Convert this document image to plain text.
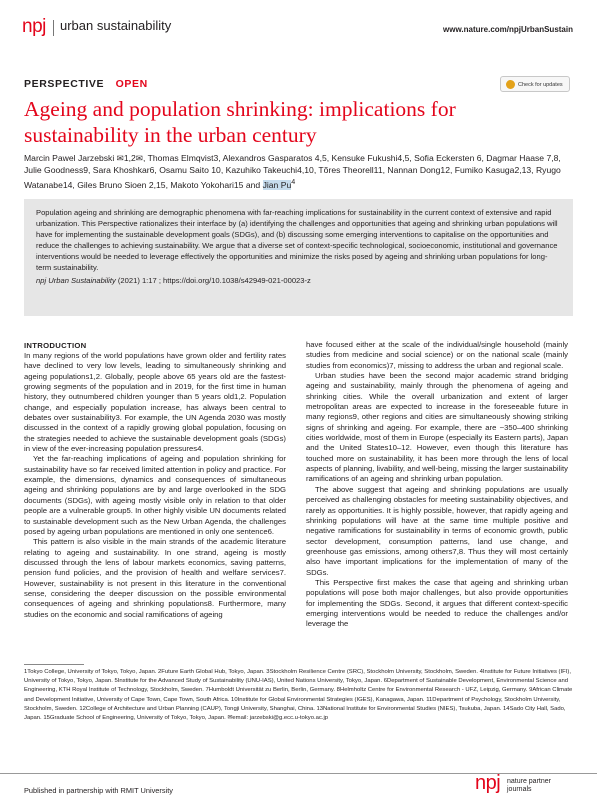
npj urban sustainability	www.nature.com/npjUrbanSustain
PERSPECTIVE OPEN	Check for updates
Ageing and population shrinking: implications for sustainability in the urban century
Marcin Pawel Jarzebski ✉1,2✉, Thomas Elmqvist3, Alexandros Gasparatos 4,5, Kensuke Fukushi4,5, Sofia Eckersten 6, Dagmar Haase 7,8, Julie Goodness9, Sara Khoshkar6, Osamu Saito 10, Kazuhiko Takeuchi4,10, Tõres Theorell11, Nannan Dong12, Fumiko Kasuga2,13, Ryugo Watanabe14, Giles Bruno Sioen 2,15, Makoto Yokohari15 and Jian Pu$^4$

Population ageing and shrinking are demographic phenomena with far-reaching implications for sustainability in the current context of extensive and rapid urbanization. This Perspective rationalizes their interface by (a) identifying the challenges and opportunities that ageing and shrinking urban populations will have for implementing the sustainable development goals (SDGs), and (b) discussing some emerging interventions to capitalise on the opportunities and reduce the challenges to achieving sustainability. We argue that a diverse set of context-specific technological, socioeconomic, institutional and governance interventions would be needed to leverage effectively the opportunities and minimize the risks posed by ageing and shrinking urban populations for long-term sustainability.

npj Urban Sustainability (2021) 1:17 ; https://doi.org/10.1038/s42949-021-00023-z
INTRODUCTION

In many regions of the world populations have grown older and fertility rates have declined to very low levels, leading to simultaneously shrinking and ageing populations1,2. Globally, people above 65 years old are the fastest-growing segments of the population and in 2019, for the first time in human history, they outnumbered children younger than 5 years old1,2. Population change, and especially population increase, has always been central to debates over sustainability3. For example, the UN Agenda 2030 was mostly discussed in the context of a rapidly growing global population, focusing on the strategies needed to achieve the sustainable development goals (SDGs) in view of the ever-increasing population pressures4.

Yet the far-reaching implications of ageing and population shrinking for sustainability have so far received limited attention in policy and practice. For example, the dimensions, dynamics and consequences of simultaneous ageing and shrinking populations are by and large overlooked in the SDG documents (SDGs), with ageing mostly visible only in relation to that older people are a vulnerable group5. In other highly visible UN documents related to sustainable development such as the New Urban Agenda, the challenges posed by ageing urban populations are mentioned in only one sentence6.

This pattern is also visible in the main strands of the academic literature relating to ageing and sustainability. In one strand, ageing is mostly discussed through the lens of labour markets economics, saving patterns, pension fund policies, and the provision of health and welfare services7. However, sustainability is not present in this literature in the conventional sense, considering the deeper discussion on the possible environmental consequences of ageing and shrinking populations8. Furthermore, many studies on the economic and social ramifications of ageing

have focused either at the scale of the individual/single household (mainly studies from medicine and social science) or on the national scale (mainly studies from economics)7, missing to address the urban and regional scale.

Urban studies have been the second major academic strand bridging ageing and sustainability, mainly through the phenomena of ageing and shrinking cities. While the overall urbanization and extent of larger metropolitan areas are expected to increase in the foreseeable future in many regions9, other regions and cities are simultaneously showing striking signs of shrinking and ageing. For example, there are ~350–400 shrinking cities worldwide, most of them in Europe (especially its Eastern parts), Japan and the United States10–12. However, even though this literature has touched more on sustainability, it has been more through the lens of local aspects of planning, livability, and well-being, missing the larger sustainability ramifications of an ageing and shrinking urban population.

The above suggest that ageing and shrinking populations are usually perceived as challenging obstacles for meeting sustainability objectives, and rarely as opportunities. It is highly possible, however, that rapidly ageing and shrinking populations will have at the same time multiple positive and negative ramifications for sustainability in terms of economic growth, public sector development, consumption patterns, land use change, and greenhouse gas emissions, among others7,8. Thus they will most certainly also have important implications for the implementation of many of the SDGs.

This Perspective first makes the case that ageing and shrinking urban populations will pose both major challenges, but also provide opportunities for implementing the SDGs. Second, it argues that different context-specific emerging interventions would be needed to reduce the challenges and/or leverage the

1Tokyo College, University of Tokyo, Tokyo, Japan. 2Future Earth Global Hub, Tokyo, Japan. 3Stockholm Resilience Centre (SRC), Stockholm University, Stockholm, Sweden. 4Institute for Future Initiatives (IFI), University of Tokyo, Tokyo, Japan. 5Institute for the Advanced Study of Sustainability (UNU-IAS), United Nations University, Tokyo, Japan. 6Department of Sustainable Development, Environmental Science and Engineering, KTH Royal Institute of Technology, Stockholm, Sweden. 7Humboldt Universität zu Berlin, Berlin, Germany. 8Helmholtz Centre for Environmental Research - UFZ, Leipzig, Germany. 9African Climate and Development Initiative, University of Cape Town, Cape Town, South Africa. 10Institute for Global Environmental Strategies (IGES), Kanagawa, Japan. 11Department of Psychology, Stockholm University, Stockholm, Sweden. 12College of Architecture and Urban Planning (CAUP), Tongji University, Shanghai, China. 13National Institute for Environmental Studies (NIES), Tsukuba, Japan. 14Sado City Hall, Sado, Japan. 15Graduate School of Engineering, University of Tokyo, Tokyo, Japan. ✉email: jarzebski@g.ecc.u-tokyo.ac.jp
Published in partnership with RMIT University	npj nature partner
journals
